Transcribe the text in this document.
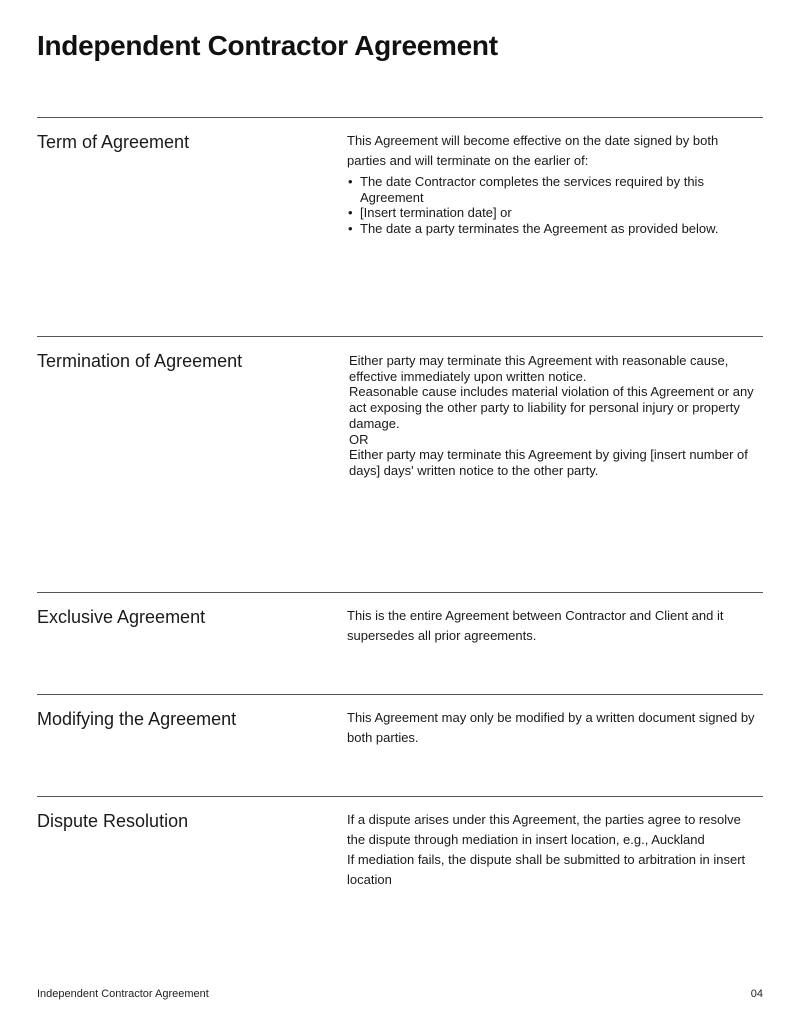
Independent Contractor Agreement
Term of Agreement	This Agreement will become effective on the date signed by both parties and will terminate on the earlier of:

• The date Contractor completes the services required by this Agreement
• [Insert termination date] or
• The date a party terminates the Agreement as provided below.
Termination of Agreement	Either party may terminate this Agreement with reasonable cause, effective immediately upon written notice.

Reasonable cause includes material violation of this Agreement or any act exposing the other party to liability for personal injury or property damage.

OR

Either party may terminate this Agreement by giving [insert number of days] days' written notice to the other party.

Exclusive Agreement	This is the entire Agreement between Contractor and Client and it supersedes all prior agreements.

Modifying the Agreement	This Agreement may only be modified by a written document signed by both parties.

Dispute Resolution	If a dispute arises under this Agreement, the parties agree to resolve the dispute through mediation in insert location, e.g., Auckland

If mediation fails, the dispute shall be submitted to arbitration in insert location

Independent Contractor Agreement	04
